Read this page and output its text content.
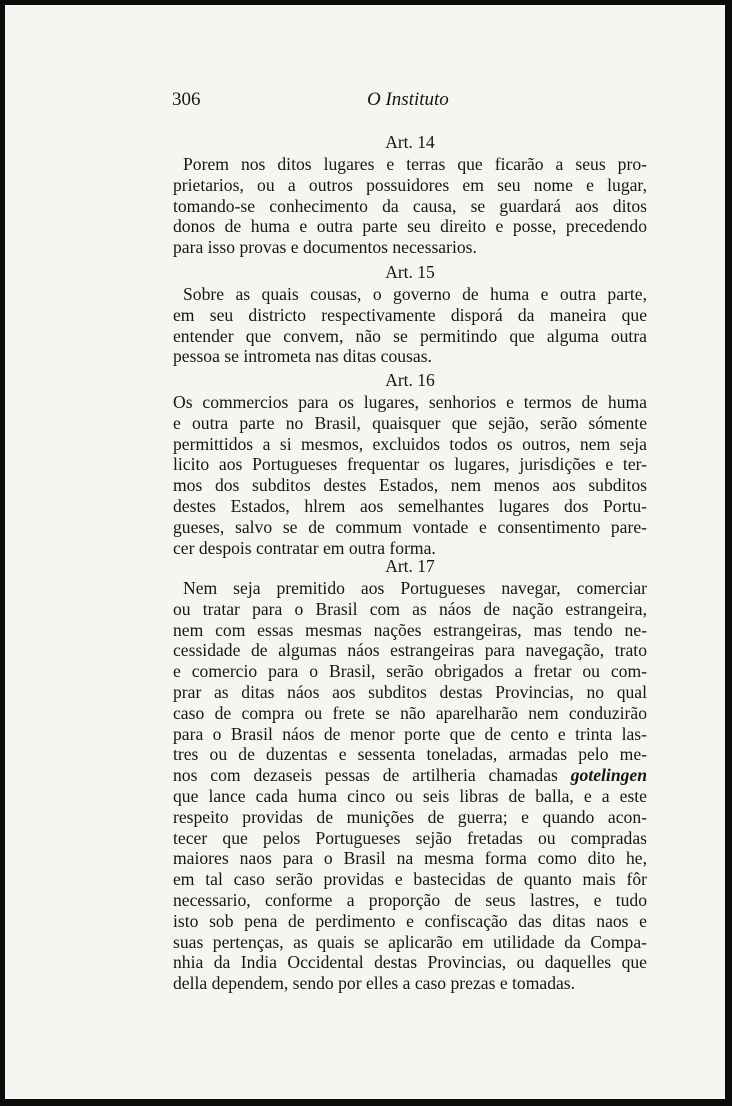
306	O Instituto
Art. 14
Porem nos ditos lugares e terras que ficarão a seus pro-
prietarios, ou a outros possuidores em seu nome e lugar,
tomando-se conhecimento da causa, se guardará aos ditos
donos de huma e outra parte seu direito e posse, precedendo
para isso provas e documentos necessarios.
Art. 15
Sobre as quais cousas, o governo de huma e outra parte,
em seu districto respectivamente disporá da maneira que
entender que convem, não se permitindo que alguma outra
pessoa se intrometa nas ditas cousas.
Art. 16
Os commercios para os lugares, senhorios e termos de huma
e outra parte no Brasil, quaisquer que sejão, serão sómente
permittidos a si mesmos, excluidos todos os outros, nem seja
licito aos Portugueses frequentar os lugares, jurisdições e ter-
mos dos subditos destes Estados, nem menos aos subditos
destes Estados, hlrem aos semelhantes lugares dos Portu-
gueses, salvo se de commum vontade e consentimento pare-
cer despois contratar em outra forma.
Art. 17
Nem seja premitido aos Portugueses navegar, comerciar
ou tratar para o Brasil com as náos de nação estrangeira,
nem com essas mesmas nações estrangeiras, mas tendo ne-
cessidade de algumas náos estrangeiras para navegação, trato
e comercio para o Brasil, serão obrigados a fretar ou com-
prar as ditas náos aos subditos destas Provincias, no qual
caso de compra ou frete se não aparelharão nem conduzirão
para o Brasil náos de menor porte que de cento e trinta las-
tres ou de duzentas e sessenta toneladas, armadas pelo me-
nos com dezaseis pessas de artilheria chamadas gotelingen
que lance cada huma cinco ou seis libras de balla, e a este
respeito providas de munições de guerra; e quando acon-
tecer que pelos Portugueses sejão fretadas ou compradas
maiores naos para o Brasil na mesma forma como dito he,
em tal caso serão providas e bastecidas de quanto mais fôr
necessario, conforme a proporção de seus lastres, e tudo
isto sob pena de perdimento e confiscação das ditas naos e
suas pertenças, as quais se aplicarão em utilidade da Compa-
nhia da India Occidental destas Provincias, ou daquelles que
della dependem, sendo por elles a caso prezas e tomadas.
